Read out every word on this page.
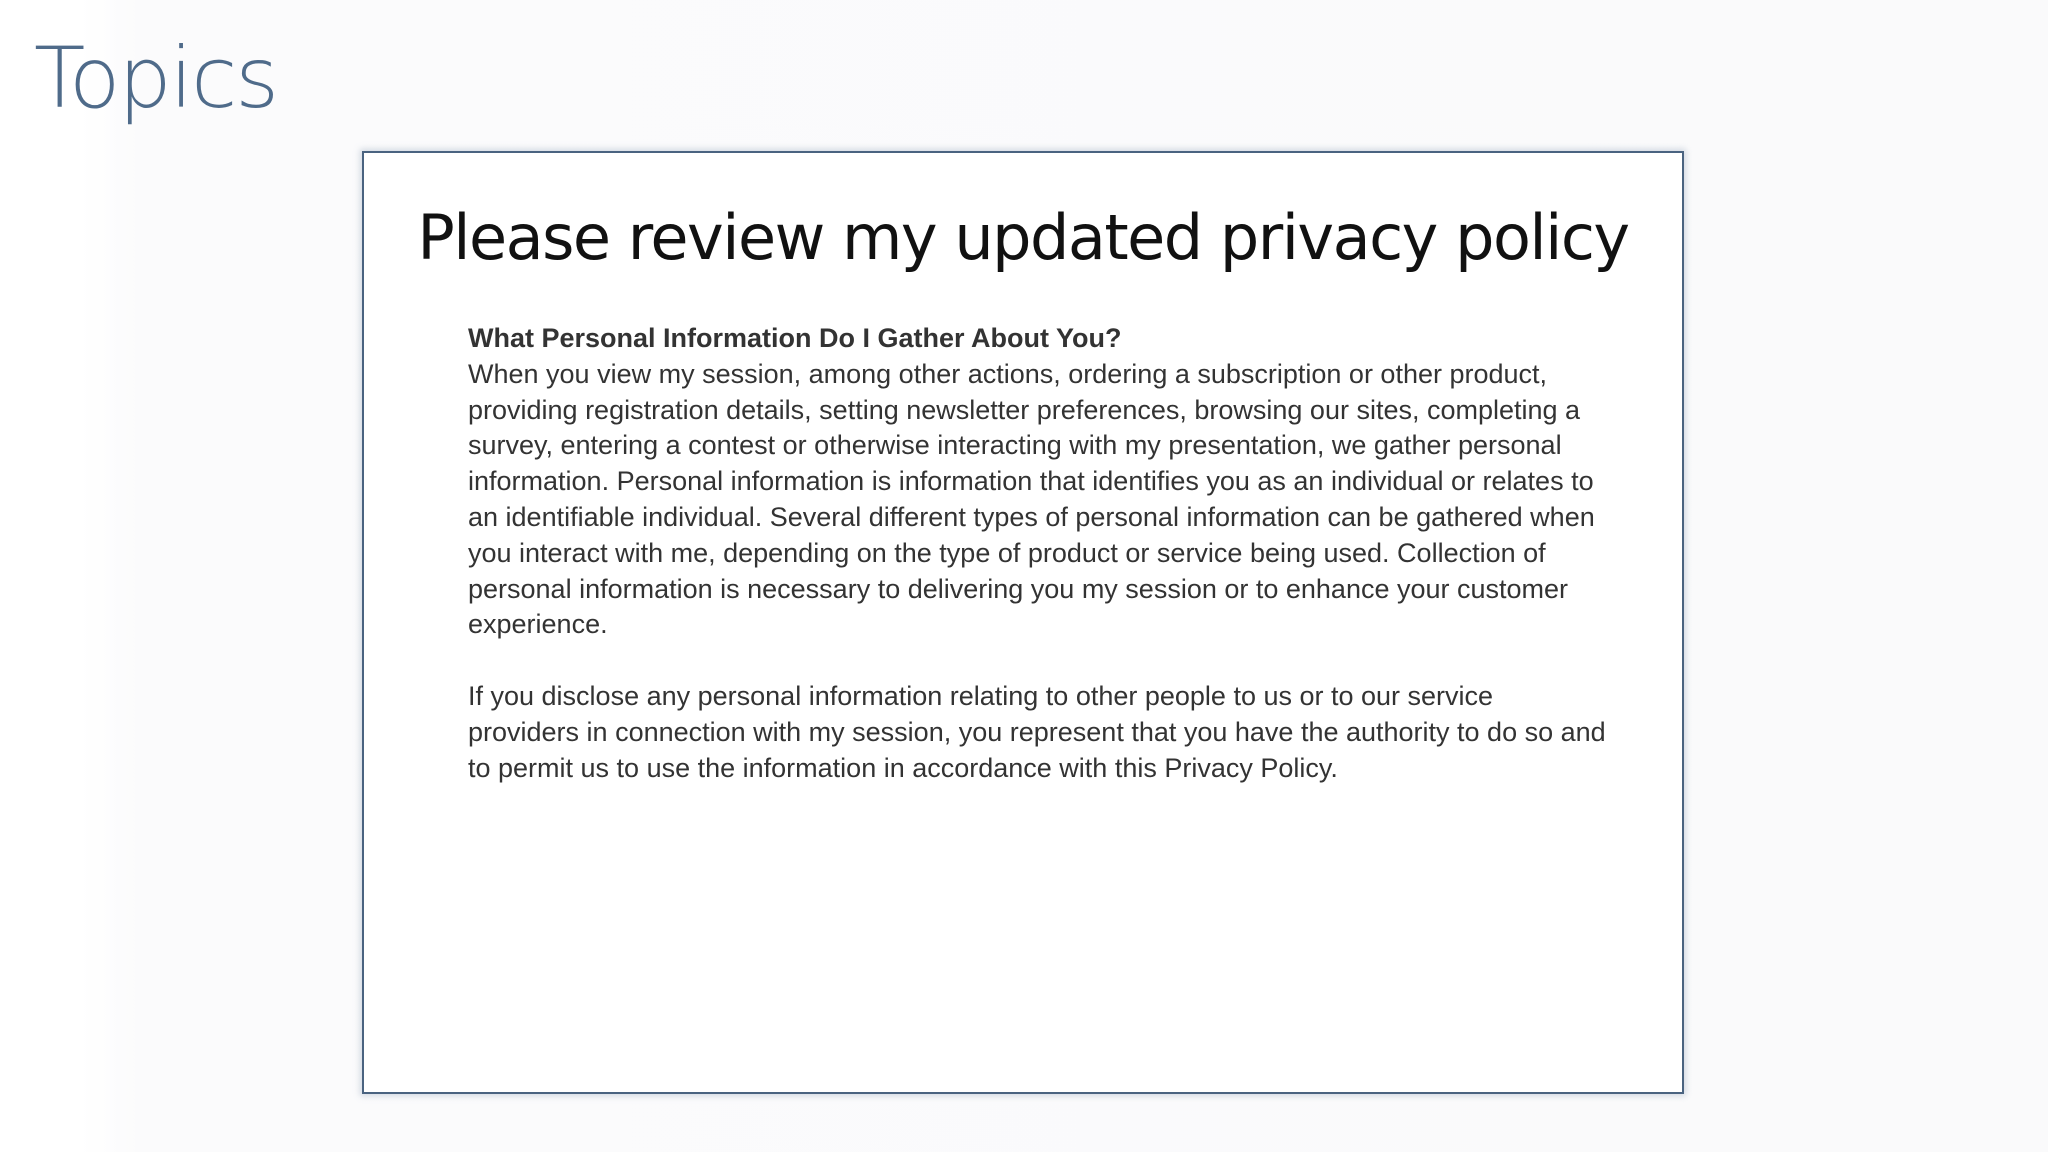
Topics
Please review my updated privacy policy

What Personal Information Do I Gather About You?

When you view my session, among other actions, ordering a subscription or other product, providing registration details, setting newsletter preferences, browsing our sites, completing a survey, entering a contest or otherwise interacting with my presentation, we gather personal information. Personal information is information that identifies you as an individual or relates to an identifiable individual. Several different types of personal information can be gathered when you interact with me, depending on the type of product or service being used. Collection of personal information is necessary to delivering you my session or to enhance your customer experience.

If you disclose any personal information relating to other people to us or to our service providers in connection with my session, you represent that you have the authority to do so and to permit us to use the information in accordance with this Privacy Policy.
